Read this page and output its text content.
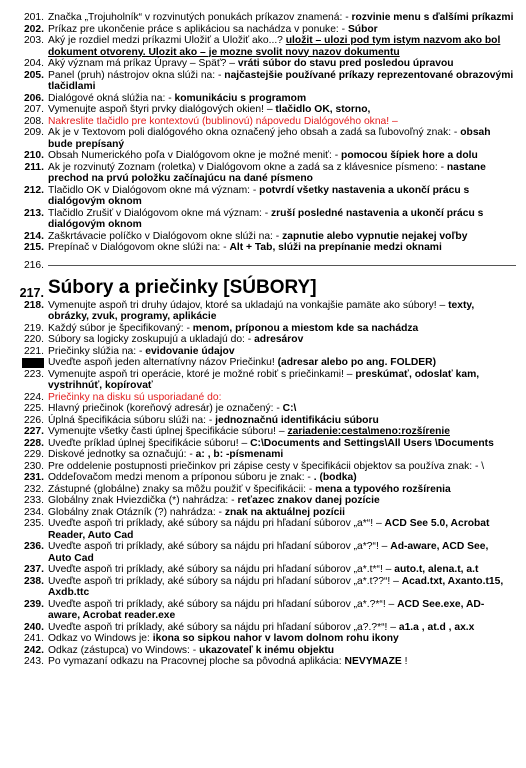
201. Značka „Trojuholník“ v rozvinutých ponukách príkazov znamená: - rozvinie menu s ďalšími príkazmi
202. Príkaz pre ukončenie práce s aplikáciou sa nachádza v ponuke: - Súbor
203. Aký je rozdiel medzi príkazmi Uložiť a Uložiť ako...? uložit – ulozi pod tym istym nazvom ako bol dokument otvoreny. Ulozit ako – je mozne svolit novy nazov dokumentu
204. Aký význam má príkaz Úpravy – Späť? – vráti súbor do stavu pred posledou úpravou
205. Panel (pruh) nástrojov okna slúži na: - najčastejšie používané príkazy reprezentované obrazovými tlačidlami
206. Dialógové okná slúžia na: - komunikáciu s programom
207. Vymenujte aspoň štyri prvky dialógových okien! – tlačidlo OK, storno,
208. Nakreslite tlačidlo pre kontextovú (bublinovú) nápovedu Dialógového okna! –
209. Ak je v Textovom poli dialógového okna označený jeho obsah a zadá sa ľubovoľný znak: - obsah bude prepísaný
210. Obsah Numerického poľa v Dialógovom okne je možné meniť: - pomocou šípiek hore a dolu
211. Ak je rozvinutý Zoznam (roletka) v Dialógovom okne a zadá sa z klávesnice písmeno: - nastane prechod na prvú položku začínajúcu na dané písmeno
212. Tlačidlo OK v Dialógovom okne má význam: - potvrdí všetky nastavenia a ukončí prácu s dialógovým oknom
213. Tlačidlo Zrušiť v Dialógovom okne má význam: - zruší posledné nastavenia a ukončí prácu s dialógovým oknom
214. Zaškrtávacie políčko v Dialógovom okne slúži na: - zapnutie alebo vypnutie nejakej voľby
215. Prepínač v Dialógovom okne slúži na: - Alt + Tab, slúži na prepínanie medzi oknami
216.
217. Súbory a priečinky [SÚBORY]
218. Vymenujte aspoň tri druhy údajov, ktoré sa ukladajú na vonkajšie pamäte ako súbory! – texty, obrázky, zvuk, programy, aplikácie
219. Každý súbor je špecifikovaný: - menom, príponou a miestom kde sa nachádza
220. Súbory sa logicky zoskupujú a ukladajú do: - adresárov
221. Priečinky slúžia na: - evidovanie údajov
Uveďte aspoň jeden alternatívny názov Priečinku! (adresar alebo po ang. FOLDER)
223. Vymenujte aspoň tri operácie, ktoré je možné robiť s priečinkami! – preskúmať, odoslať kam, vystrihnúť, kopírovať
224. Priečinky na disku sú usporiadané do:
225. Hlavný priečinok (koreňový adresár) je označený: - C:\
226. Úplná špecifikácia súboru slúži na: - jednoznačnú identifikáciu súboru
227. Vymenujte všetky časti úplnej špecifikácie súboru! – zariadenie:cesta\meno:rozšírenie
228. Uveďte príklad úplnej špecifikácie súboru! – C:\Documents and Settings\All Users \Documents
229. Diskové jednotky sa označujú: - a: , b: -písmenami
230. Pre oddelenie postupnosti priečinkov pri zápise cesty v špecifikácii objektov sa používa znak: - \
231. Oddeľovačom medzi menom a príponou súboru je znak: - . (bodka)
232. Zástupné (globálne) znaky sa môžu použiť v špecifikácii: - mena a typového rozšírenia
233. Globálny znak Hviezdička (*) nahrádza: - reťazec znakov danej pozície
234. Globálny znak Otázník (?) nahrádza: - znak na aktuálnej pozícii
235. Uveďte aspoň tri príklady, aké súbory sa nájdu pri hľadaní súborov „a*“! – ACD See 5.0, Acrobat Reader, Auto Cad
236. Uveďte aspoň tri príklady, aké súbory sa nájdu pri hľadaní súborov „a*?“! – Ad-aware, ACD See, Auto Cad
237. Uveďte aspoň tri príklady, aké súbory sa nájdu pri hľadaní súborov „a*.t*“! – auto.t, alena.t, a.t
238. Uveďte aspoň tri príklady, aké súbory sa nájdu pri hľadaní súborov „a*.t??“! – Acad.txt, Axanto.t15, Axdb.ttc
239. Uveďte aspoň tri príklady, aké súbory sa nájdu pri hľadaní súborov „a*.?*“! – ACD See.exe, AD-aware, Acrobat reader.exe
240. Uveďte aspoň tri príklady, aké súbory sa nájdu pri hľadaní súborov „a?.?*“! – a1.a , at.d , ax.x
241. Odkaz vo Windows je: ikona so sipkou nahor v lavom dolnom rohu ikony
242. Odkaz (zástupca) vo Windows: - ukazovateľ k inému objektu
243. Po vymazaní odkazu na Pracovnej ploche sa pôvodná aplikácia: NEVYMAZE !
